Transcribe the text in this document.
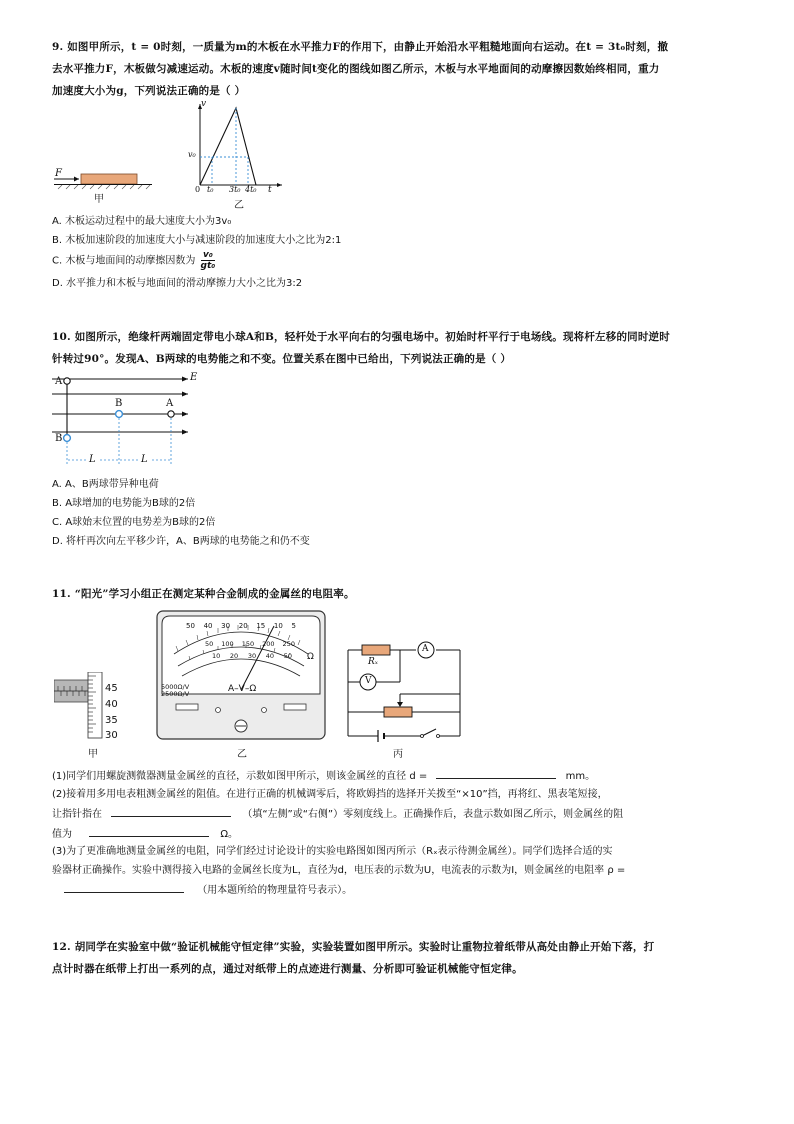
9. 如图甲所示，t = 0时刻，一质量为m的木板在水平推力F的作用下，由静止开始沿水平粗糙地面向右运动。在t = 3t₀时刻，撤
去水平推力F，木板做匀减速运动。木板的速度v随时间t变化的图线如图乙所示，木板与水平地面间的动摩擦因数始终相同，重力
加速度大小为g，下列说法正确的是（ ）
F
甲
v
v₀
0 t₀ 3t₀ 4t₀ t
乙
A. 木板运动过程中的最大速度大小为3v₀
B. 木板加速阶段的加速度大小与减速阶段的加速度大小之比为2:1
C. 木板与地面间的动摩擦因数为 $\frac{\text{v₀}}{\text{gt₀}}$
D. 水平推力和木板与地面间的滑动摩擦力大小之比为3:2
10. 如图所示，绝缘杆两端固定带电小球A和B，轻杆处于水平向右的匀强电场中。初始时杆平行于电场线。现将杆左移的同时逆时
针转过90°。发现A、B两球的电势能之和不变。位置关系在图中已给出，下列说法正确的是（ ）
E
A
B	A
B
L	L
A. A、B两球带异种电荷
B. A球增加的电势能为B球的2倍
C. A球始末位置的电势差为B球的2倍
D. 将杆再次向左平移少许，A、B两球的电势能之和仍不变
11. “阳光”学习小组正在测定某种合金制成的金属丝的电阻率。
45
40
35
30
甲
50 40 30 20 15 10 5
Ω
50 100 150 200 250
10 20 30 40 50
5000Ω/V
2500Ω/V	A–V–Ω
乙
Rₓ
A
V
丙
(1)同学们用螺旋测微器测量金属丝的直径，示数如图甲所示，则该金属丝的直径 d =	mm。
(2)接着用多用电表粗测金属丝的阻值。在进行正确的机械调零后，将欧姆挡的选择开关拨至“×10”挡，再将红、黑表笔短接，
让指针指在	（填“左侧”或“右侧”）零刻度线上。正确操作后，表盘示数如图乙所示，则金属丝的阻
值为	Ω。
(3)为了更准确地测量金属丝的电阻，同学们经过讨论设计的实验电路图如图丙所示（Rₓ表示待测金属丝）。同学们选择合适的实
验器材正确操作。实验中测得接入电路的金属丝长度为L，直径为d，电压表的示数为U，电流表的示数为I，则金属丝的电阻率 ρ =
（用本题所给的物理量符号表示）。
12. 胡同学在实验室中做“验证机械能守恒定律”实验，实验装置如图甲所示。实验时让重物拉着纸带从高处由静止开始下落，打
点计时器在纸带上打出一系列的点，通过对纸带上的点迹进行测量、分析即可验证机械能守恒定律。
